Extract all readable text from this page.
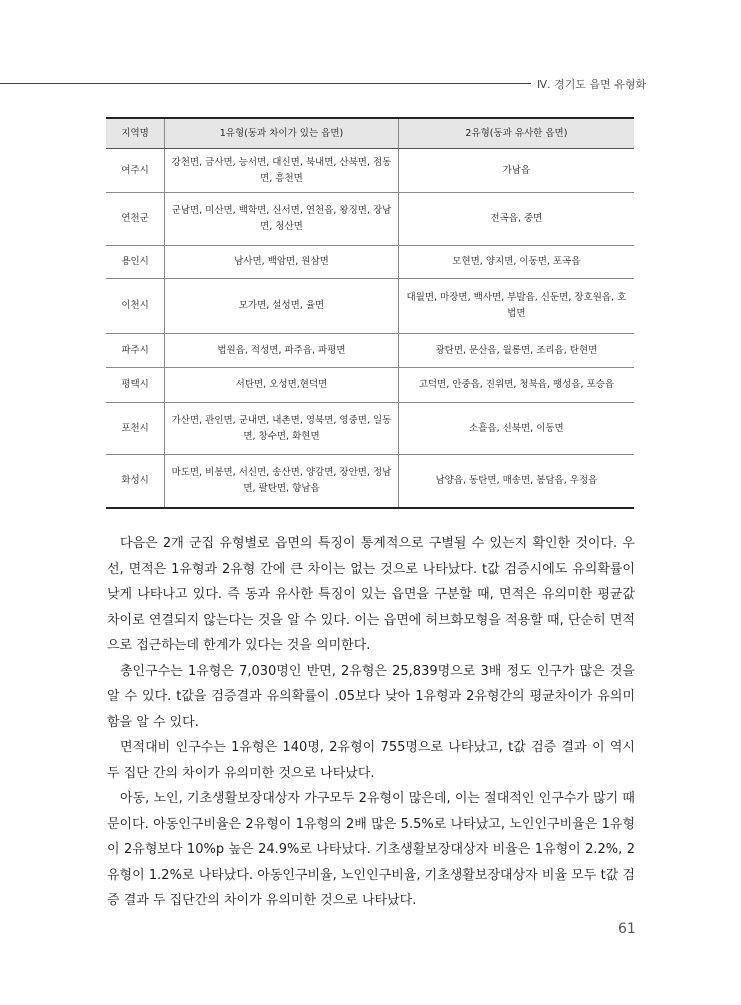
Ⅳ. 경기도 읍면 유형화
지역명	1유형(동과 차이가 있는 읍면)	2유형(동과 유사한 읍면)
여주시	강천면, 금사면, 능서면, 대신면, 북내면, 산북면, 점동면, 흥천면	가남읍
연천군	군남면, 미산면, 백학면, 신서면, 연천읍, 왕징면, 장남면, 청산면	전곡읍, 중면
용인시	남사면, 백암면, 원삼면	모현면, 양지면, 이동면, 포곡읍
이천시	모가면, 설성면, 율면	대월면, 마장면, 백사면, 부발읍, 신둔면, 장호원읍, 호법면
파주시	법원읍, 적성면, 파주읍, 파평면	광탄면, 문산읍, 월롱면, 조리읍, 탄현면
평택시	서탄면, 오성면,현덕면	고덕면, 안중읍, 진위면, 청북읍, 팽성읍, 포승읍
포천시	가산면, 관인면, 군내면, 내촌면, 영북면, 영중면, 일동면, 창수면, 화현면	소흘읍, 신북면, 이동면
화성시	마도면, 비봉면, 서신면, 송산면, 양감면, 장안면, 정남면, 팔탄면, 향남읍	남양읍, 동탄면, 매송면, 봉담읍, 우정읍

다음은 2개 군집 유형별로 읍면의 특징이 통계적으로 구별될 수 있는지 확인한 것이다. 우선, 면적은 1유형과 2유형 간에 큰 차이는 없는 것으로 나타났다. t값 검증시에도 유의확률이 낮게 나타나고 있다. 즉 동과 유사한 특징이 있는 읍면을 구분할 때, 면적은 유의미한 평균값 차이로 연결되지 않는다는 것을 알 수 있다. 이는 읍면에 허브화모형을 적용할 때, 단순히 면적으로 접근하는데 한계가 있다는 것을 의미한다.

총인구수는 1유형은 7,030명인 반면, 2유형은 25,839명으로 3배 정도 인구가 많은 것을 알 수 있다. t값을 검증결과 유의확률이 .05보다 낮아 1유형과 2유형간의 평균차이가 유의미함을 알 수 있다.

면적대비 인구수는 1유형은 140명, 2유형이 755명으로 나타났고, t값 검증 결과 이 역시 두 집단 간의 차이가 유의미한 것으로 나타났다.

아동, 노인, 기초생활보장대상자 가구모두 2유형이 많은데, 이는 절대적인 인구수가 많기 때문이다. 아동인구비율은 2유형이 1유형의 2배 많은 5.5%로 나타났고, 노인인구비율은 1유형이 2유형보다 10%p 높은 24.9%로 나타났다. 기초생활보장대상자 비율은 1유형이 2.2%, 2유형이 1.2%로 나타났다. 아동인구비율, 노인인구비율, 기초생활보장대상자 비율 모두 t값 검증 결과 두 집단간의 차이가 유의미한 것으로 나타났다.

61
